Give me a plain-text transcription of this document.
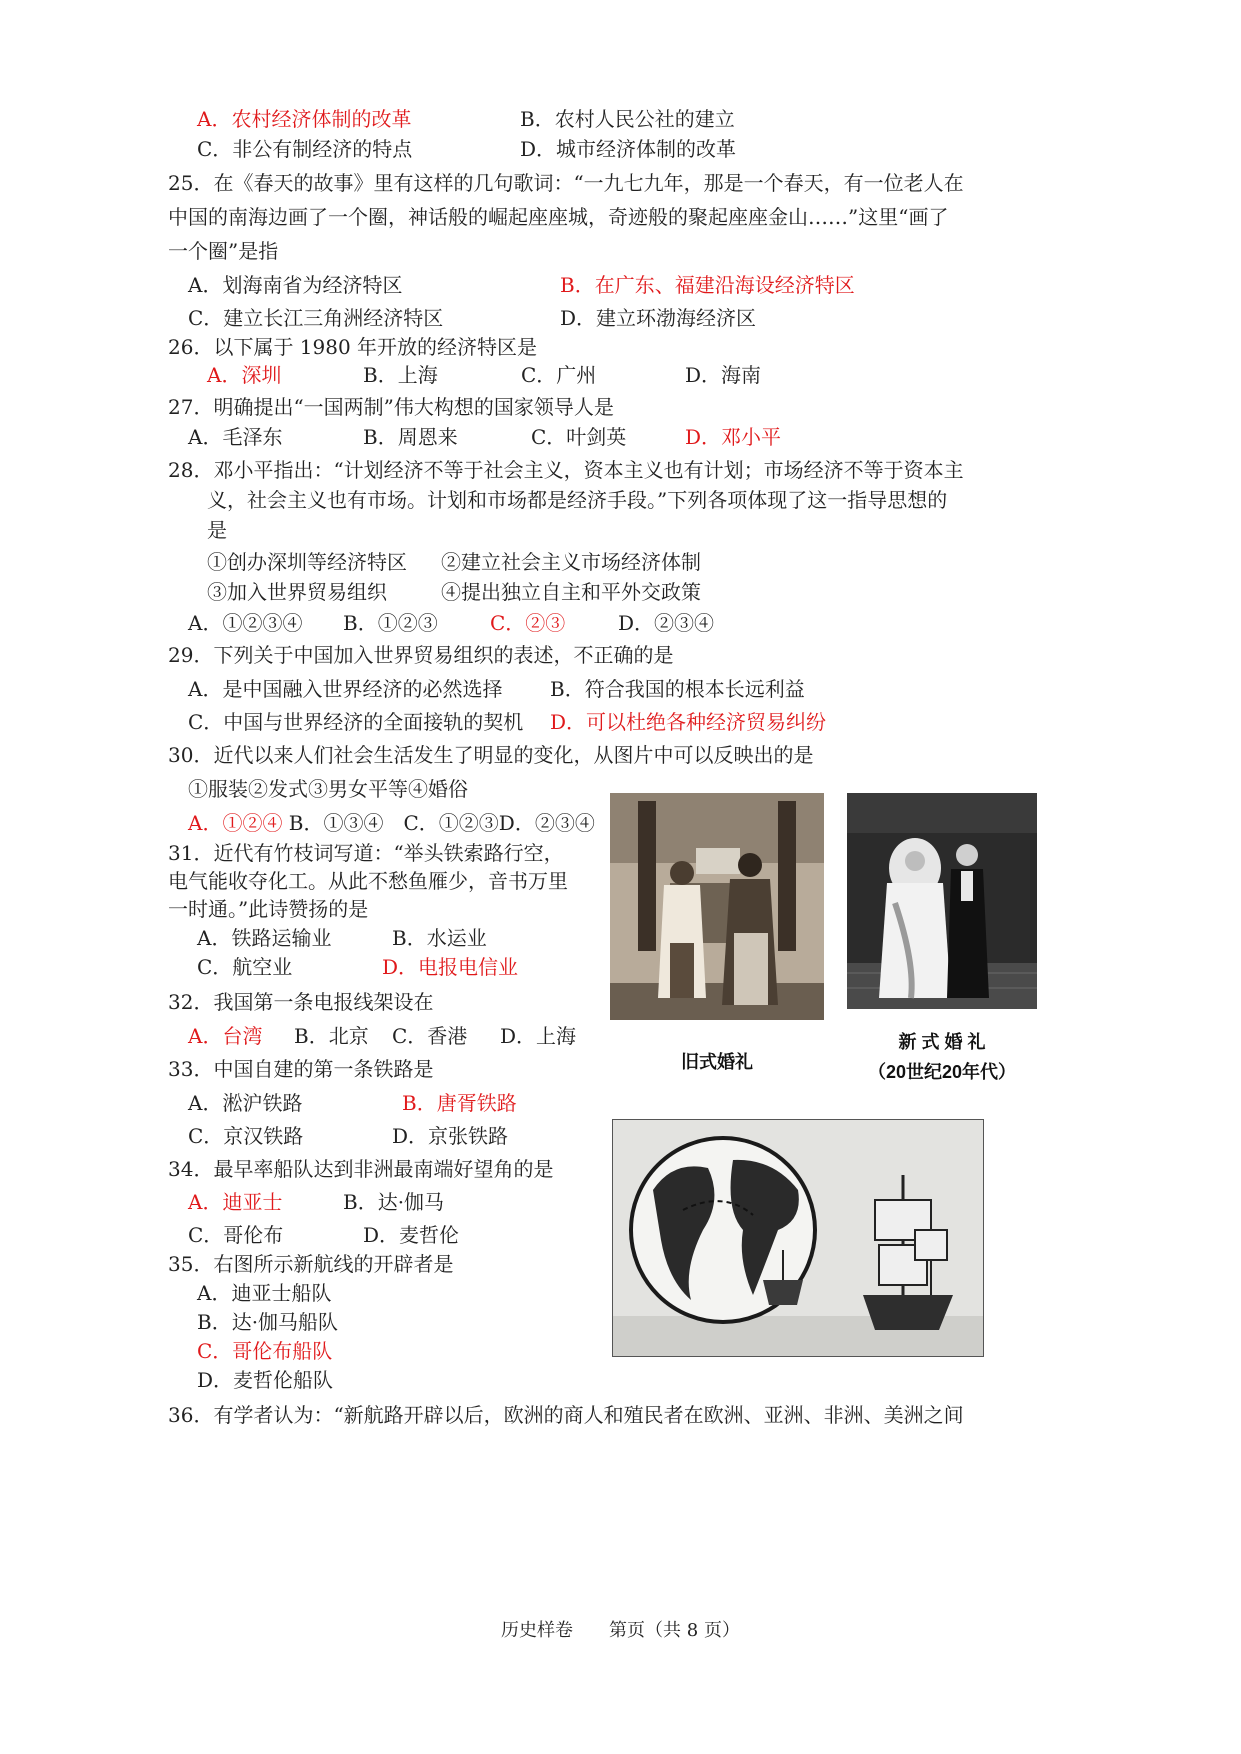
A．农村经济体制的改革	B．农村人民公社的建立
C．非公有制经济的特点	D．城市经济体制的改革
25．在《春天的故事》里有这样的几句歌词：“一九七九年，那是一个春天，有一位老人在
中国的南海边画了一个圈，神话般的崛起座座城，奇迹般的聚起座座金山……”这里“画了
一个圈”是指
A．划海南省为经济特区	B．在广东、福建沿海设经济特区
C．建立长江三角洲经济特区	D．建立环渤海经济区
26．以下属于 1980 年开放的经济特区是
A．深圳	B．上海	C．广州	D．海南
27．明确提出“一国两制”伟大构想的国家领导人是
A．毛泽东	B．周恩来	C．叶剑英	D．邓小平
28．邓小平指出：“计划经济不等于社会主义，资本主义也有计划；市场经济不等于资本主
义，社会主义也有市场。计划和市场都是经济手段。”下列各项体现了这一指导思想的
是
①创办深圳等经济特区 ②建立社会主义市场经济体制
③加入世界贸易组织	④提出独立自主和平外交政策
A．①②③④ B．①②③	C．②③	D．②③④
29．下列关于中国加入世界贸易组织的表述，不正确的是
A．是中国融入世界经济的必然选择 B．符合我国的根本长远利益
C．中国与世界经济的全面接轨的契机 D．可以杜绝各种经济贸易纠纷
30．近代以来人们社会生活发生了明显的变化，从图片中可以反映出的是
①服装②发式③男女平等④婚俗
A．①②④ B．①③④　C．①②③D．②③④
31．近代有竹枝词写道：“举头铁索路行空，
电气能收夺化工。从此不愁鱼雁少，音书万里
一时通。”此诗赞扬的是
A．铁路运输业	B．水运业
C．航空业	D．电报电信业
32．我国第一条电报线架设在
A．台湾 B．北京 C．香港 D．上海
33．中国自建的第一条铁路是
A．淞沪铁路	B．唐胥铁路
C．京汉铁路	D．京张铁路
34．最早率船队达到非洲最南端好望角的是
A．迪亚士	B．达·伽马
C．哥伦布	D．麦哲伦
35．右图所示新航线的开辟者是
A．迪亚士船队
B．达·伽马船队
C．哥伦布船队
D．麦哲伦船队
36．有学者认为：“新航路开辟以后，欧洲的商人和殖民者在欧洲、亚洲、非洲、美洲之间
旧式婚礼
新 式 婚 礼
（20世纪20年代）
历史样卷　　第页（共 8 页）
